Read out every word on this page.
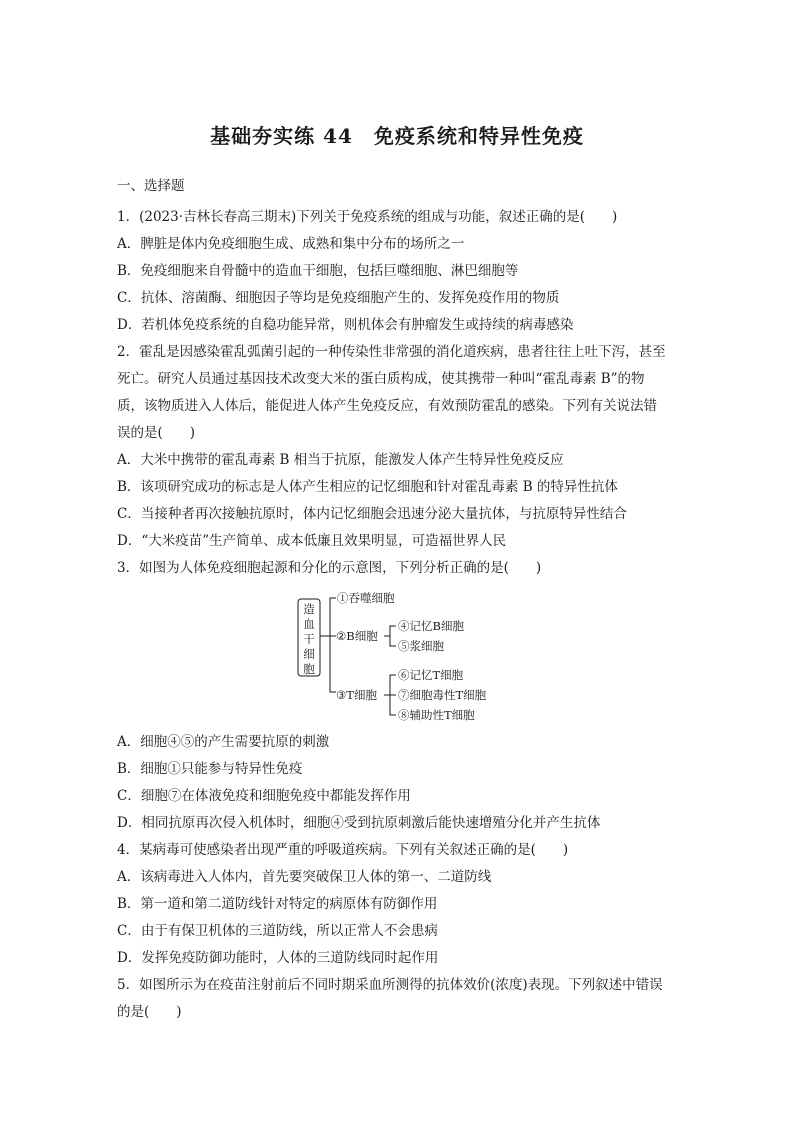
基础夯实练 44　免疫系统和特异性免疫
一、选择题
1．(2023·吉林长春高三期末)下列关于免疫系统的组成与功能，叙述正确的是(　　)
A．脾脏是体内免疫细胞生成、成熟和集中分布的场所之一
B．免疫细胞来自骨髓中的造血干细胞，包括巨噬细胞、淋巴细胞等
C．抗体、溶菌酶、细胞因子等均是免疫细胞产生的、发挥免疫作用的物质
D．若机体免疫系统的自稳功能异常，则机体会有肿瘤发生或持续的病毒感染
2．霍乱是因感染霍乱弧菌引起的一种传染性非常强的消化道疾病，患者往往上吐下泻，甚至
死亡。研究人员通过基因技术改变大米的蛋白质构成，使其携带一种叫“霍乱毒素 B”的物
质，该物质进入人体后，能促进人体产生免疫反应，有效预防霍乱的感染。下列有关说法错
误的是(　　)
A．大米中携带的霍乱毒素 B 相当于抗原，能激发人体产生特异性免疫反应
B．该项研究成功的标志是人体产生相应的记忆细胞和针对霍乱毒素 B 的特异性抗体
C．当接种者再次接触抗原时，体内记忆细胞会迅速分泌大量抗体，与抗原特异性结合
D．“大米疫苗”生产简单、成本低廉且效果明显，可造福世界人民
3．如图为人体免疫细胞起源和分化的示意图，下列分析正确的是(　　)
造
血
干
细
胞
①吞噬细胞
②B细胞
④记忆B细胞
⑤浆细胞
③T细胞
⑥记忆T细胞
⑦细胞毒性T细胞
⑧辅助性T细胞
A．细胞④⑤的产生需要抗原的刺激
B．细胞①只能参与特异性免疫
C．细胞⑦在体液免疫和细胞免疫中都能发挥作用
D．相同抗原再次侵入机体时，细胞④受到抗原刺激后能快速增殖分化并产生抗体
4．某病毒可使感染者出现严重的呼吸道疾病。下列有关叙述正确的是(　　)
A．该病毒进入人体内，首先要突破保卫人体的第一、二道防线
B．第一道和第二道防线针对特定的病原体有防御作用
C．由于有保卫机体的三道防线，所以正常人不会患病
D．发挥免疫防御功能时，人体的三道防线同时起作用
5．如图所示为在疫苗注射前后不同时期采血所测得的抗体效价(浓度)表现。下列叙述中错误
的是(　　)
